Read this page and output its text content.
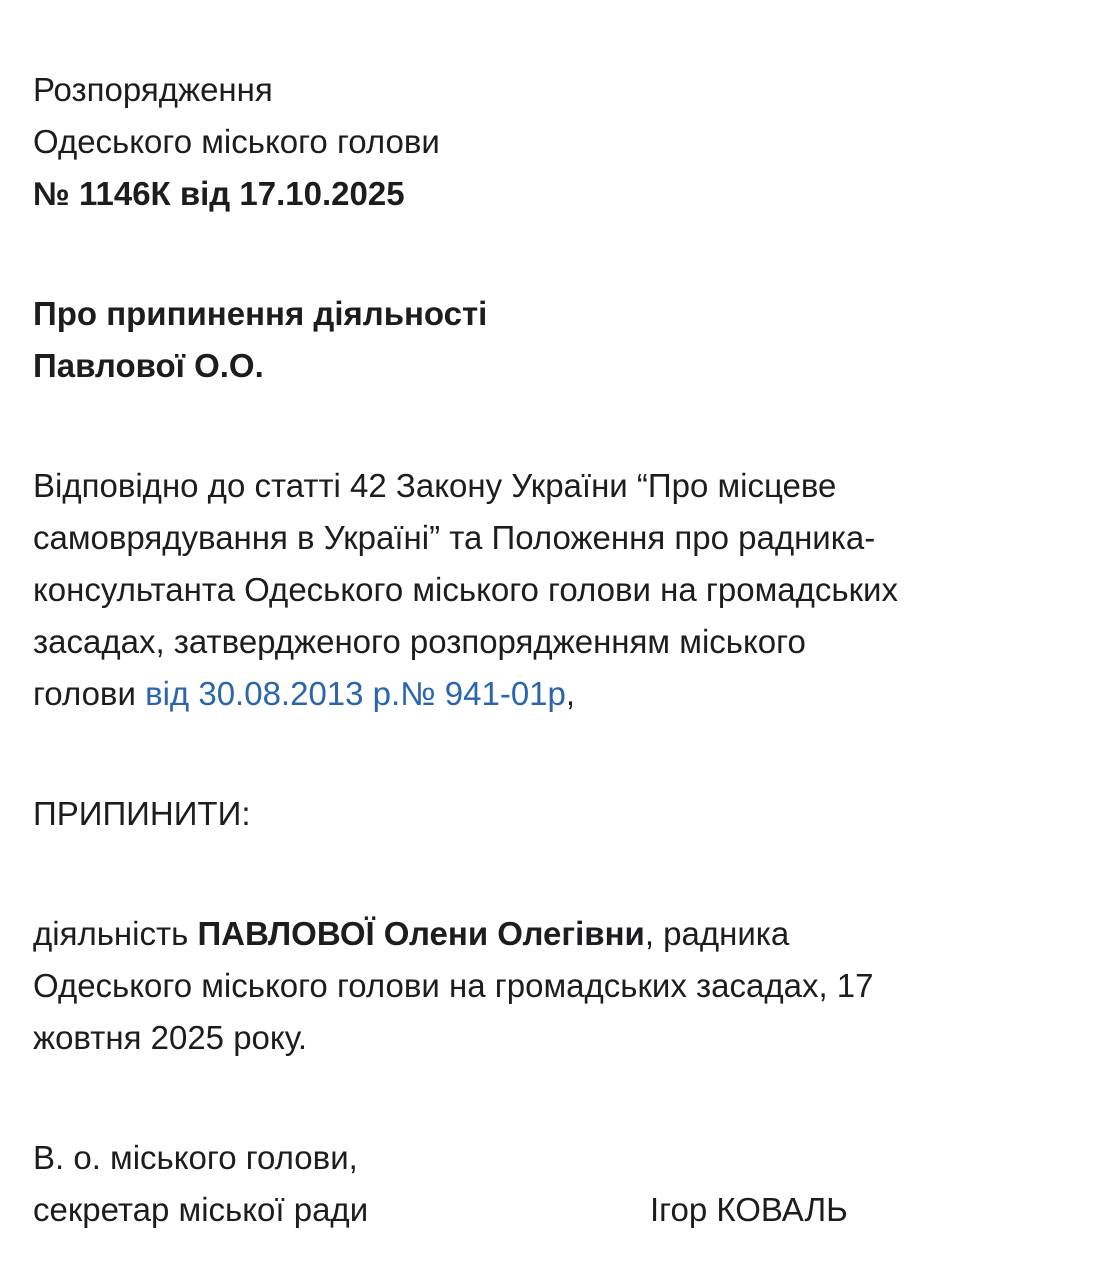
Розпорядження
Одеського міського голови
№ 1146К від 17.10.2025
Про припинення діяльності
Павлової О.О.
Відповідно до статті 42 Закону України “Про місцеве
самоврядування в Україні” та Положення про радника-
консультанта Одеського міського голови на громадських
засадах, затвердженого розпорядженням міського
голови від 30.08.2013 р.№ 941-01р,
ПРИПИНИТИ:
діяльність ПАВЛОВОЇ Олени Олегівни, радника
Одеського міського голови на громадських засадах, 17
жовтня 2025 року.
В. о. міського голови,
секретар міської ради	Ігор КОВАЛЬ
